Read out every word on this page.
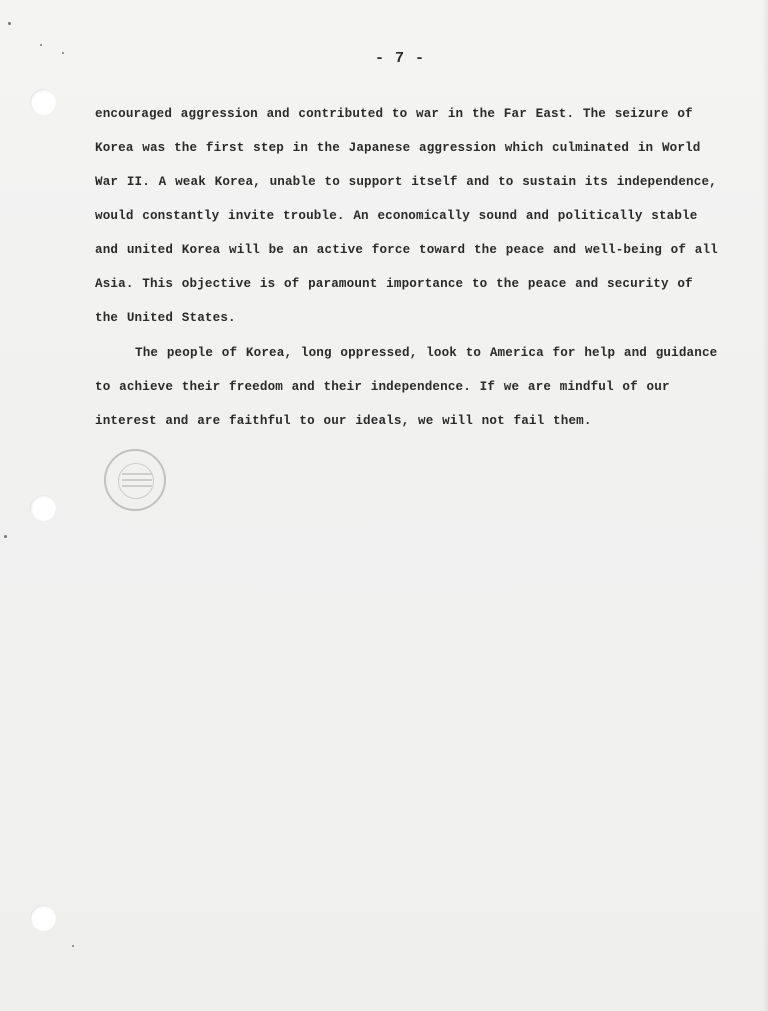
- 7 -
encouraged aggression and contributed to war in the Far East. The seizure of
Korea was the first step in the Japanese aggression which culminated in World
War II. A weak Korea, unable to support itself and to sustain its independence,
would constantly invite trouble. An economically sound and politically stable
and united Korea will be an active force toward the peace and well-being of all
Asia. This objective is of paramount importance to the peace and security of
the United States.
The people of Korea, long oppressed, look to America for help and guidance
to achieve their freedom and their independence. If we are mindful of our
interest and are faithful to our ideals, we will not fail them.
